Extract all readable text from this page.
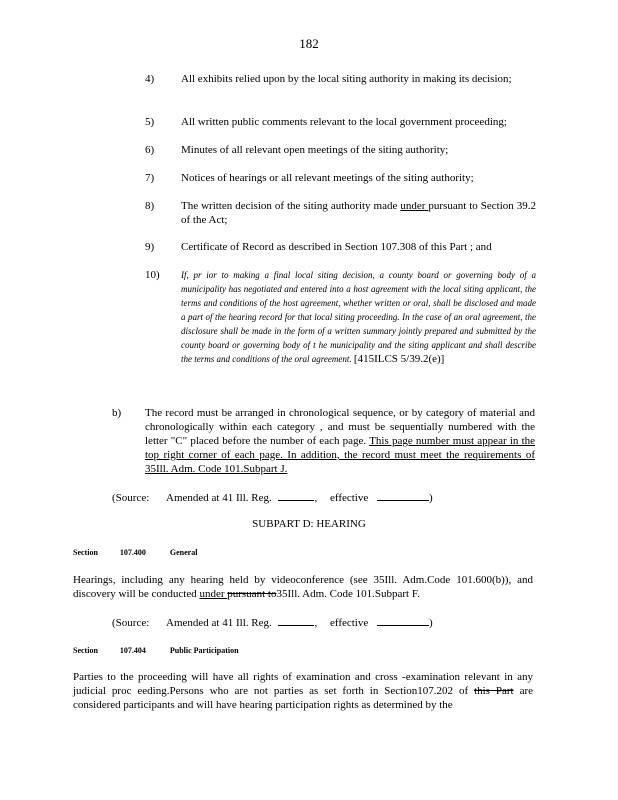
182
4) All exhibits relied upon by the local siting authority in making its decision;
5) All written public comments relevant to the local government proceeding;
6) Minutes of all relevant open meetings of the siting authority;
7) Notices of hearings or all relevant meetings of the siting authority;
8) The written decision of the siting authority made under pursuant to Section 39.2 of the Act;
9) Certificate of Record as described in Section 107.308 of this Part ; and
10) If, pr ior to making a final local siting decision, a county board or governing body of a municipality has negotiated and entered into a host agreement with the local siting applicant, the terms and conditions of the host agreement, whether written or oral, shall be disclosed and made a part of the hearing record for that local siting proceeding. In the case of an oral agreement, the disclosure shall be made in the form of a written summary jointly prepared and submitted by the county board or governing body of t he municipality and the siting applicant and shall describe the terms and conditions of the oral agreement. [415ILCS 5/39.2(e)]
b) The record must be arranged in chronological sequence, or by category of material and chronologically within each category , and must be sequentially numbered with the letter "C" placed before the number of each page. This page number must appear in the top right corner of each page. In addition, the record must meet the requirements of 35Ill. Adm. Code 101.Subpart J.
(Source: Amended at 41 Ill. Reg.	, effective	)
SUBPART D: HEARING
Section	107.400	General
Hearings, including any hearing held by videoconference (see 35Ill. Adm.Code 101.600(b)), and discovery will be conducted under pursuant to35Ill. Adm. Code 101.Subpart F.
(Source: Amended at 41 Ill. Reg.	, effective	)
Section	107.404	Public Participation
Parties to the proceeding will have all rights of examination and cross -examination relevant in any judicial proc eeding.Persons who are not parties as set forth in Section107.202 of this Part are considered participants and will have hearing participation rights as determined by the
